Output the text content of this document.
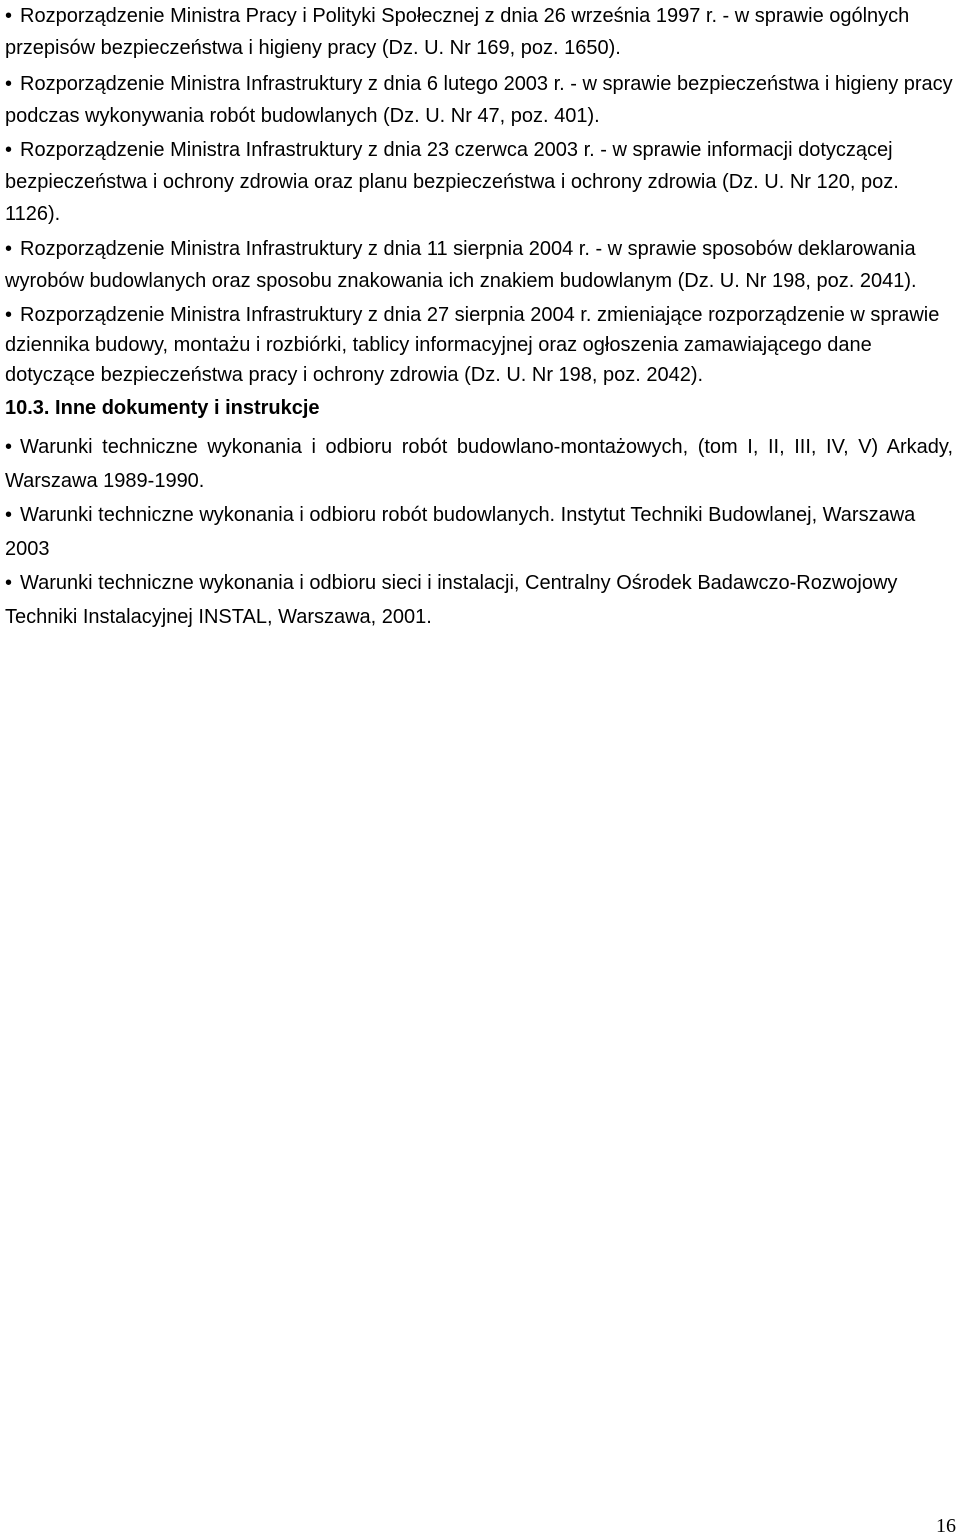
• Rozporządzenie Ministra Pracy i Polityki Społecznej z dnia 26 września 1997 r. - w sprawie ogólnych przepisów bezpieczeństwa i higieny pracy (Dz. U. Nr 169, poz. 1650).

• Rozporządzenie Ministra Infrastruktury z dnia 6 lutego 2003 r. - w sprawie bezpieczeństwa i higieny pracy podczas wykonywania robót budowlanych (Dz. U. Nr 47, poz. 401).

• Rozporządzenie Ministra Infrastruktury z dnia 23 czerwca 2003 r. - w sprawie informacji dotyczącej bezpieczeństwa i ochrony zdrowia oraz planu bezpieczeństwa i ochrony zdrowia (Dz. U. Nr 120, poz. 1126).

• Rozporządzenie Ministra Infrastruktury z dnia 11 sierpnia 2004 r. - w sprawie sposobów deklarowania wyrobów budowlanych oraz sposobu znakowania ich znakiem budowlanym (Dz. U. Nr 198, poz. 2041).

• Rozporządzenie Ministra Infrastruktury z dnia 27 sierpnia 2004 r. zmieniające rozporządzenie w sprawie dziennika budowy, montażu i rozbiórki, tablicy informacyjnej oraz ogłoszenia zamawiającego dane dotyczące bezpieczeństwa pracy i ochrony zdrowia (Dz. U. Nr 198, poz. 2042).

10.3. Inne dokumenty i instrukcje

• Warunki techniczne wykonania i odbioru robót budowlano-montażowych, (tom I, II, III, IV, V) Arkady, Warszawa 1989-1990.

• Warunki techniczne wykonania i odbioru robót budowlanych. Instytut Techniki Budowlanej, Warszawa 2003

• Warunki techniczne wykonania i odbioru sieci i instalacji, Centralny Ośrodek Badawczo-Rozwojowy Techniki Instalacyjnej INSTAL, Warszawa, 2001.

16
